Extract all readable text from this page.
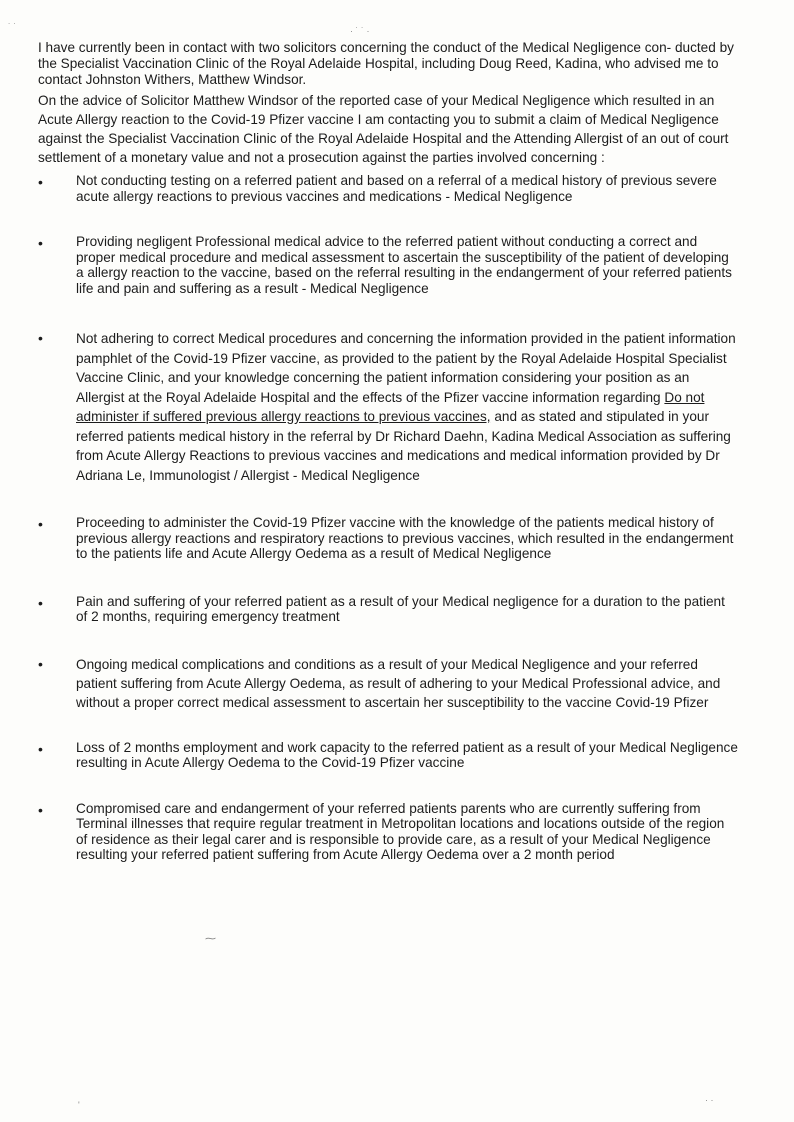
˙ ˙	· ˙ ˙ ·
⁓
'	· ·

I have currently been in contact with two solicitors concerning the conduct of the Medical Negligence con- ducted by the Specialist Vaccination Clinic of the Royal Adelaide Hospital, including Doug Reed, Kadina, who advised me to contact Johnston Withers, Matthew Windsor.

On the advice of Solicitor Matthew Windsor of the reported case of your Medical Negligence which resulted in an Acute Allergy reaction to the Covid-19 Pfizer vaccine I am contacting you to submit a claim of Medical Negligence against the Specialist Vaccination Clinic of the Royal Adelaide Hospital and the Attending Allergist of an out of court settlement of a monetary value and not a prosecution against the parties involved concerning :

• Not conducting testing on a referred patient and based on a referral of a medical history of previous severe acute allergy reactions to previous vaccines and medications - Medical Negligence
• Providing negligent Professional medical advice to the referred patient without conducting a correct and proper medical procedure and medical assessment to ascertain the susceptibility of the patient of developing a allergy reaction to the vaccine, based on the referral resulting in the endangerment of your referred patients life and pain and suffering as a result - Medical Negligence
• Not adhering to correct Medical procedures and concerning the information provided in the patient information pamphlet of the Covid-19 Pfizer vaccine, as provided to the patient by the Royal Adelaide Hospital Specialist Vaccine Clinic, and your knowledge concerning the patient information considering your position as an Allergist at the Royal Adelaide Hospital and the effects of the Pfizer vaccine information regarding Do not administer if suffered previous allergy reactions to previous vaccines, and as stated and stipulated in your referred patients medical history in the referral by Dr Richard Daehn, Kadina Medical Association as suffering from Acute Allergy Reactions to previous vaccines and medications and medical information provided by Dr Adriana Le, Immunologist / Allergist - Medical Negligence
• Proceeding to administer the Covid-19 Pfizer vaccine with the knowledge of the patients medical history of previous allergy reactions and respiratory reactions to previous vaccines, which resulted in the endangerment to the patients life and Acute Allergy Oedema as a result of Medical Negligence
• Pain and suffering of your referred patient as a result of your Medical negligence for a duration to the patient of 2 months, requiring emergency treatment
• Ongoing medical complications and conditions as a result of your Medical Negligence and your referred patient suffering from Acute Allergy Oedema, as result of adhering to your Medical Professional advice, and without a proper correct medical assessment to ascertain her susceptibility to the vaccine Covid-19 Pfizer
• Loss of 2 months employment and work capacity to the referred patient as a result of your Medical Negligence resulting in Acute Allergy Oedema to the Covid-19 Pfizer vaccine
• Compromised care and endangerment of your referred patients parents who are currently suffering from Terminal illnesses that require regular treatment in Metropolitan locations and locations outside of the region of residence as their legal carer and is responsible to provide care, as a result of your Medical Negligence resulting your referred patient suffering from Acute Allergy Oedema over a 2 month period
